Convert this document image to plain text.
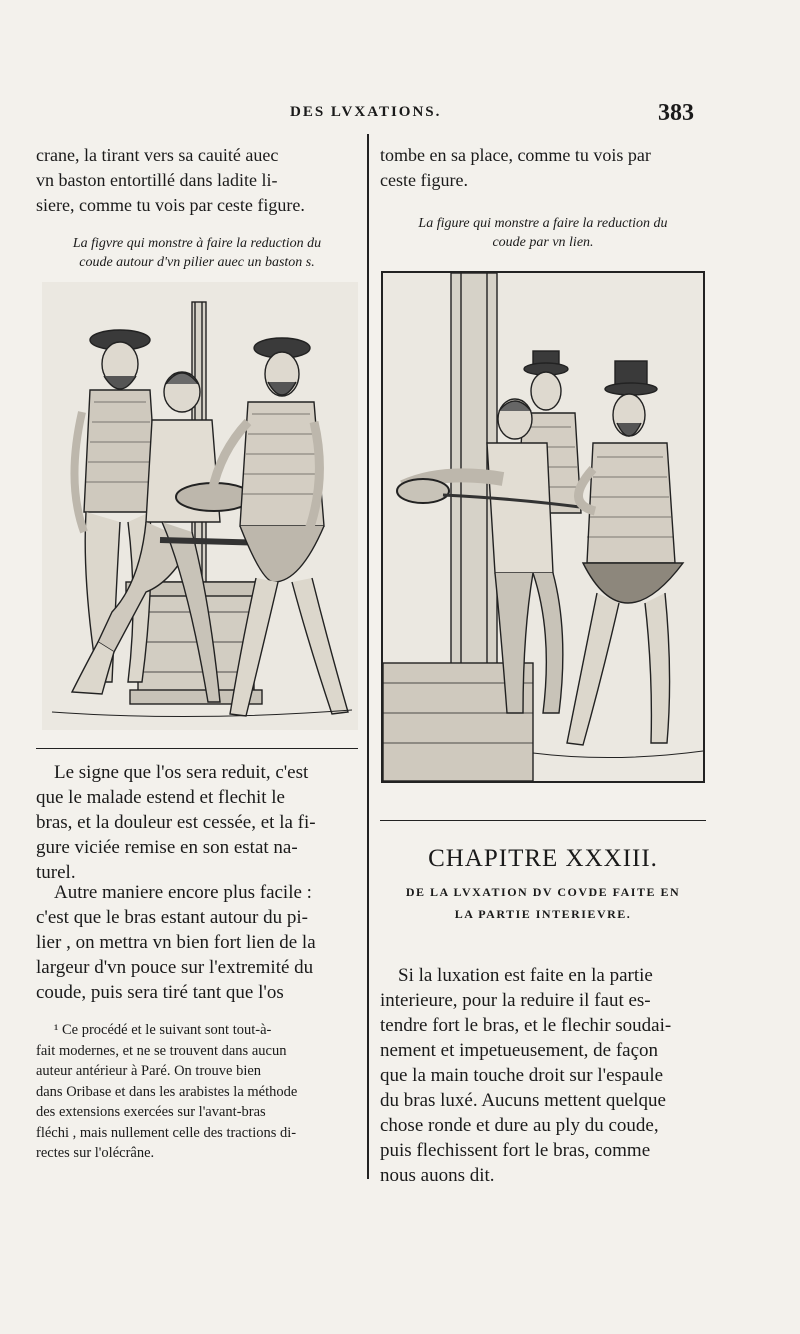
DES LVXATIONS.	383

crane, la tirant vers sa cauité auec

vn baston entortillé dans ladite li-

siere, comme tu vois par ceste figure.

La figvre qui monstre à faire la reduction du

coude autour d'vn pilier auec un baston s.

Le signe que l'os sera reduit, c'est

que le malade estend et flechit le

bras, et la douleur est cessée, et la fi-

gure viciée remise en son estat na-

turel.

Autre maniere encore plus facile :

c'est que le bras estant autour du pi-

lier , on mettra vn bien fort lien de la

largeur d'vn pouce sur l'extremité du

coude, puis sera tiré tant que l'os

¹ Ce procédé et le suivant sont tout-à-

fait modernes, et ne se trouvent dans aucun

auteur antérieur à Paré. On trouve bien

dans Oribase et dans les arabistes la méthode

des extensions exercées sur l'avant-bras

fléchi , mais nullement celle des tractions di-

rectes sur l'olécrâne.

tombe en sa place, comme tu vois par

ceste figure.

La figure qui monstre a faire la reduction du

coude par vn lien.

CHAPITRE XXXIII.

DE LA LVXATION DV COVDE FAITE EN

LA PARTIE INTERIEVRE.

Si la luxation est faite en la partie

interieure, pour la reduire il faut es-

tendre fort le bras, et le flechir soudai-

nement et impetueusement, de façon

que la main touche droit sur l'espaule

du bras luxé. Aucuns mettent quelque

chose ronde et dure au ply du coude,

puis flechissent fort le bras, comme

nous auons dit.
